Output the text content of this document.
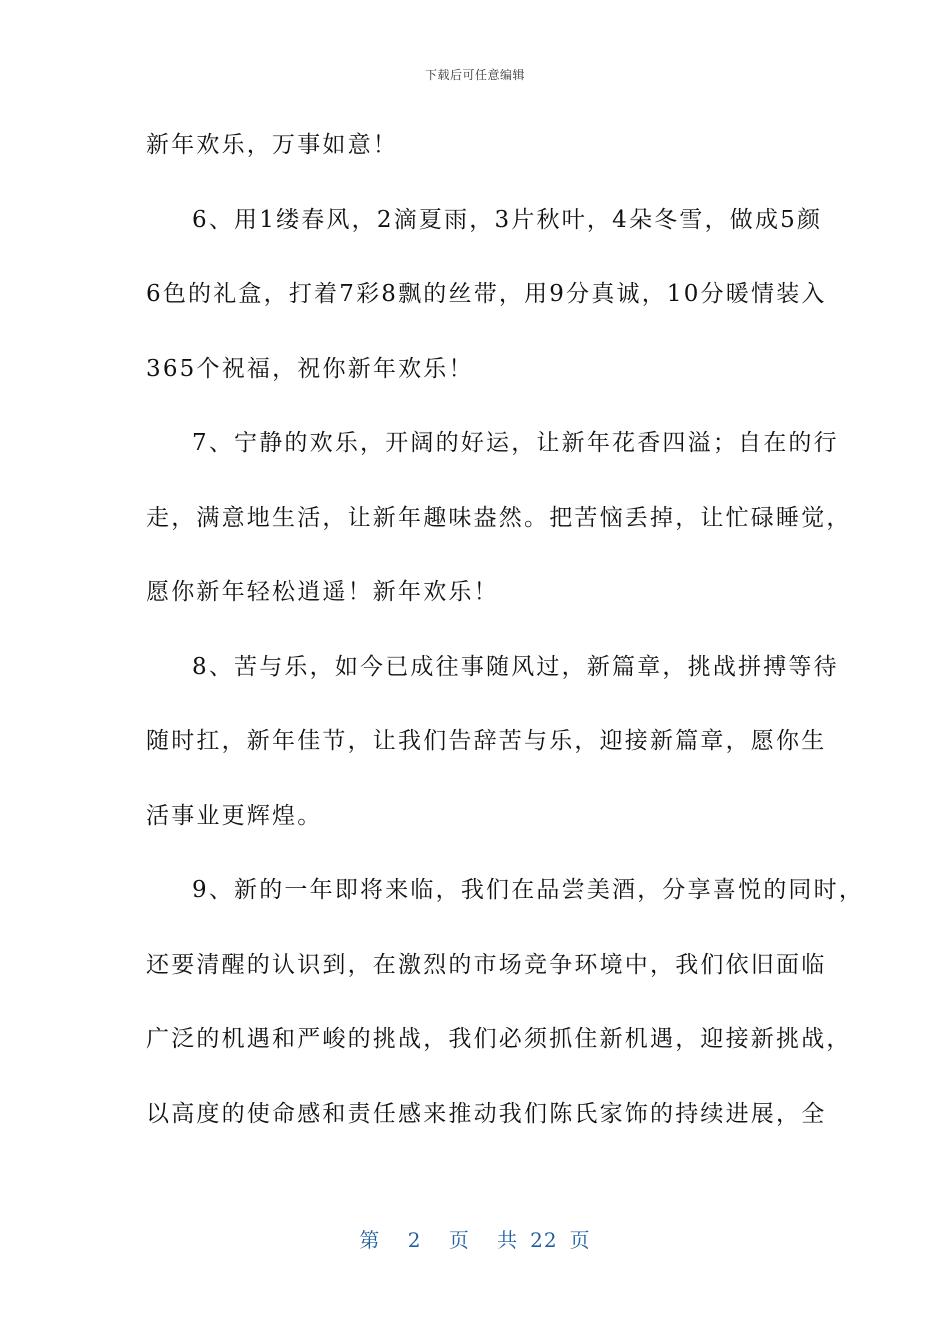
下载后可任意编辑
新年欢乐，万事如意！
6、用1缕春风，2滴夏雨，3片秋叶，4朵冬雪，做成5颜
6色的礼盒，打着7彩8飘的丝带，用9分真诚，10分暖情装入
365个祝福，祝你新年欢乐！
7、宁静的欢乐，开阔的好运，让新年花香四溢；自在的行
走，满意地生活，让新年趣味盎然。把苦恼丢掉，让忙碌睡觉，
愿你新年轻松逍遥！新年欢乐！
8、苦与乐，如今已成往事随风过，新篇章，挑战拼搏等待
随时扛，新年佳节，让我们告辞苦与乐，迎接新篇章，愿你生
活事业更辉煌。
9、新的一年即将来临，我们在品尝美酒，分享喜悦的同时，
还要清醒的认识到，在激烈的市场竞争环境中，我们依旧面临
广泛的机遇和严峻的挑战，我们必须抓住新机遇，迎接新挑战，
以高度的使命感和责任感来推动我们陈氏家饰的持续进展，全
第 2 页 共 22 页
